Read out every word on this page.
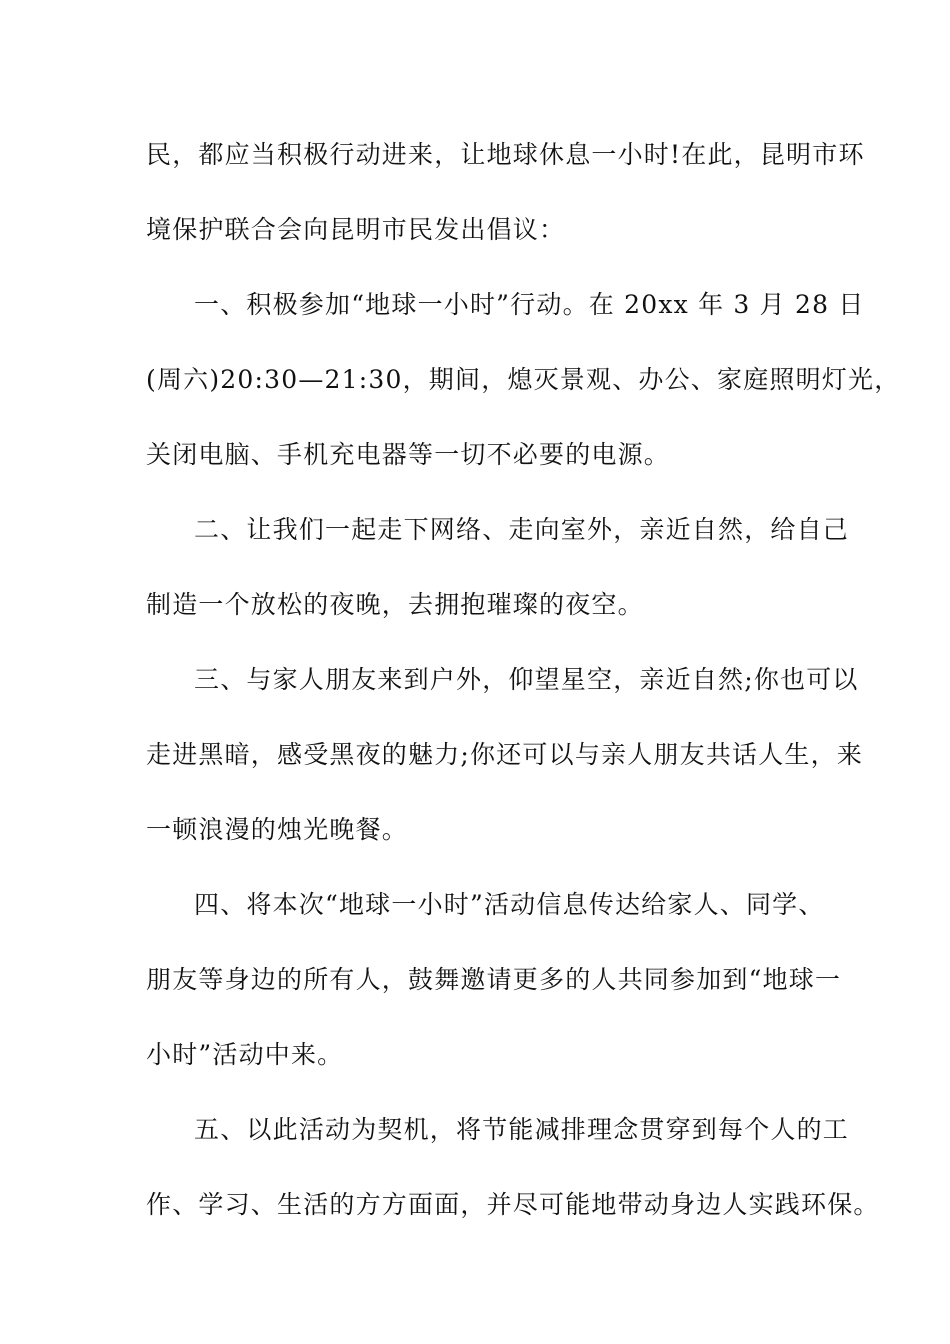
民，都应当积极行动进来，让地球休息一小时!在此，昆明市环
境保护联合会向昆明市民发出倡议：
一、积极参加“地球一小时”行动。在 20xx 年 3 月 28 日
(周六)20:30—21:30，期间，熄灭景观、办公、家庭照明灯光，
关闭电脑、手机充电器等一切不必要的电源。
二、让我们一起走下网络、走向室外，亲近自然，给自己
制造一个放松的夜晚，去拥抱璀璨的夜空。
三、与家人朋友来到户外，仰望星空，亲近自然;你也可以
走进黑暗，感受黑夜的魅力;你还可以与亲人朋友共话人生，来
一顿浪漫的烛光晚餐。
四、将本次“地球一小时”活动信息传达给家人、同学、
朋友等身边的所有人，鼓舞邀请更多的人共同参加到“地球一
小时”活动中来。
五、以此活动为契机，将节能减排理念贯穿到每个人的工
作、学习、生活的方方面面，并尽可能地带动身边人实践环保。
